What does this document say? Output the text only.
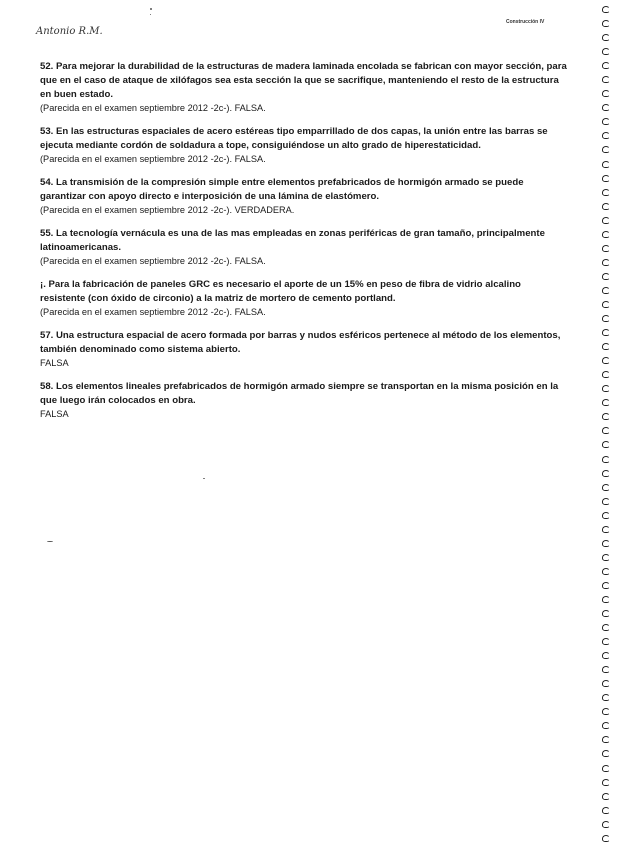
Antonio R.M.
Construcción IV

52. Para mejorar la durabilidad de la estructuras de madera laminada encolada se fabrican con mayor sección, para que en el caso de ataque de xilófagos sea esta sección la que se sacrifique, manteniendo el resto de la estructura en buen estado.

(Parecida en el examen septiembre 2012 -2c-). FALSA.

53. En las estructuras espaciales de acero estéreas tipo emparrillado de dos capas, la unión entre las barras se ejecuta mediante cordón de soldadura a tope, consiguiéndose un alto grado de hiperestaticidad.

(Parecida en el examen septiembre 2012 -2c-). FALSA.

54. La transmisión de la compresión simple entre elementos prefabricados de hormigón armado se puede garantizar con apoyo directo e interposición de una lámina de elastómero.

(Parecida en el examen septiembre 2012 -2c-). VERDADERA.

55. La tecnología vernácula es una de las mas empleadas en zonas periféricas de gran tamaño, principalmente latinoamericanas.

(Parecida en el examen septiembre 2012 -2c-). FALSA.

¡. Para la fabricación de paneles GRC es necesario el aporte de un 15% en peso de fibra de vidrio alcalino resistente (con óxido de circonio) a la matriz de mortero de cemento portland.

(Parecida en el examen septiembre 2012 -2c-). FALSA.

57. Una estructura espacial de acero formada por barras y nudos esféricos pertenece al método de los elementos, también denominado como sistema abierto.

FALSA

58. Los elementos lineales prefabricados de hormigón armado siempre se transportan en la misma posición en la que luego irán colocados en obra.

FALSA
